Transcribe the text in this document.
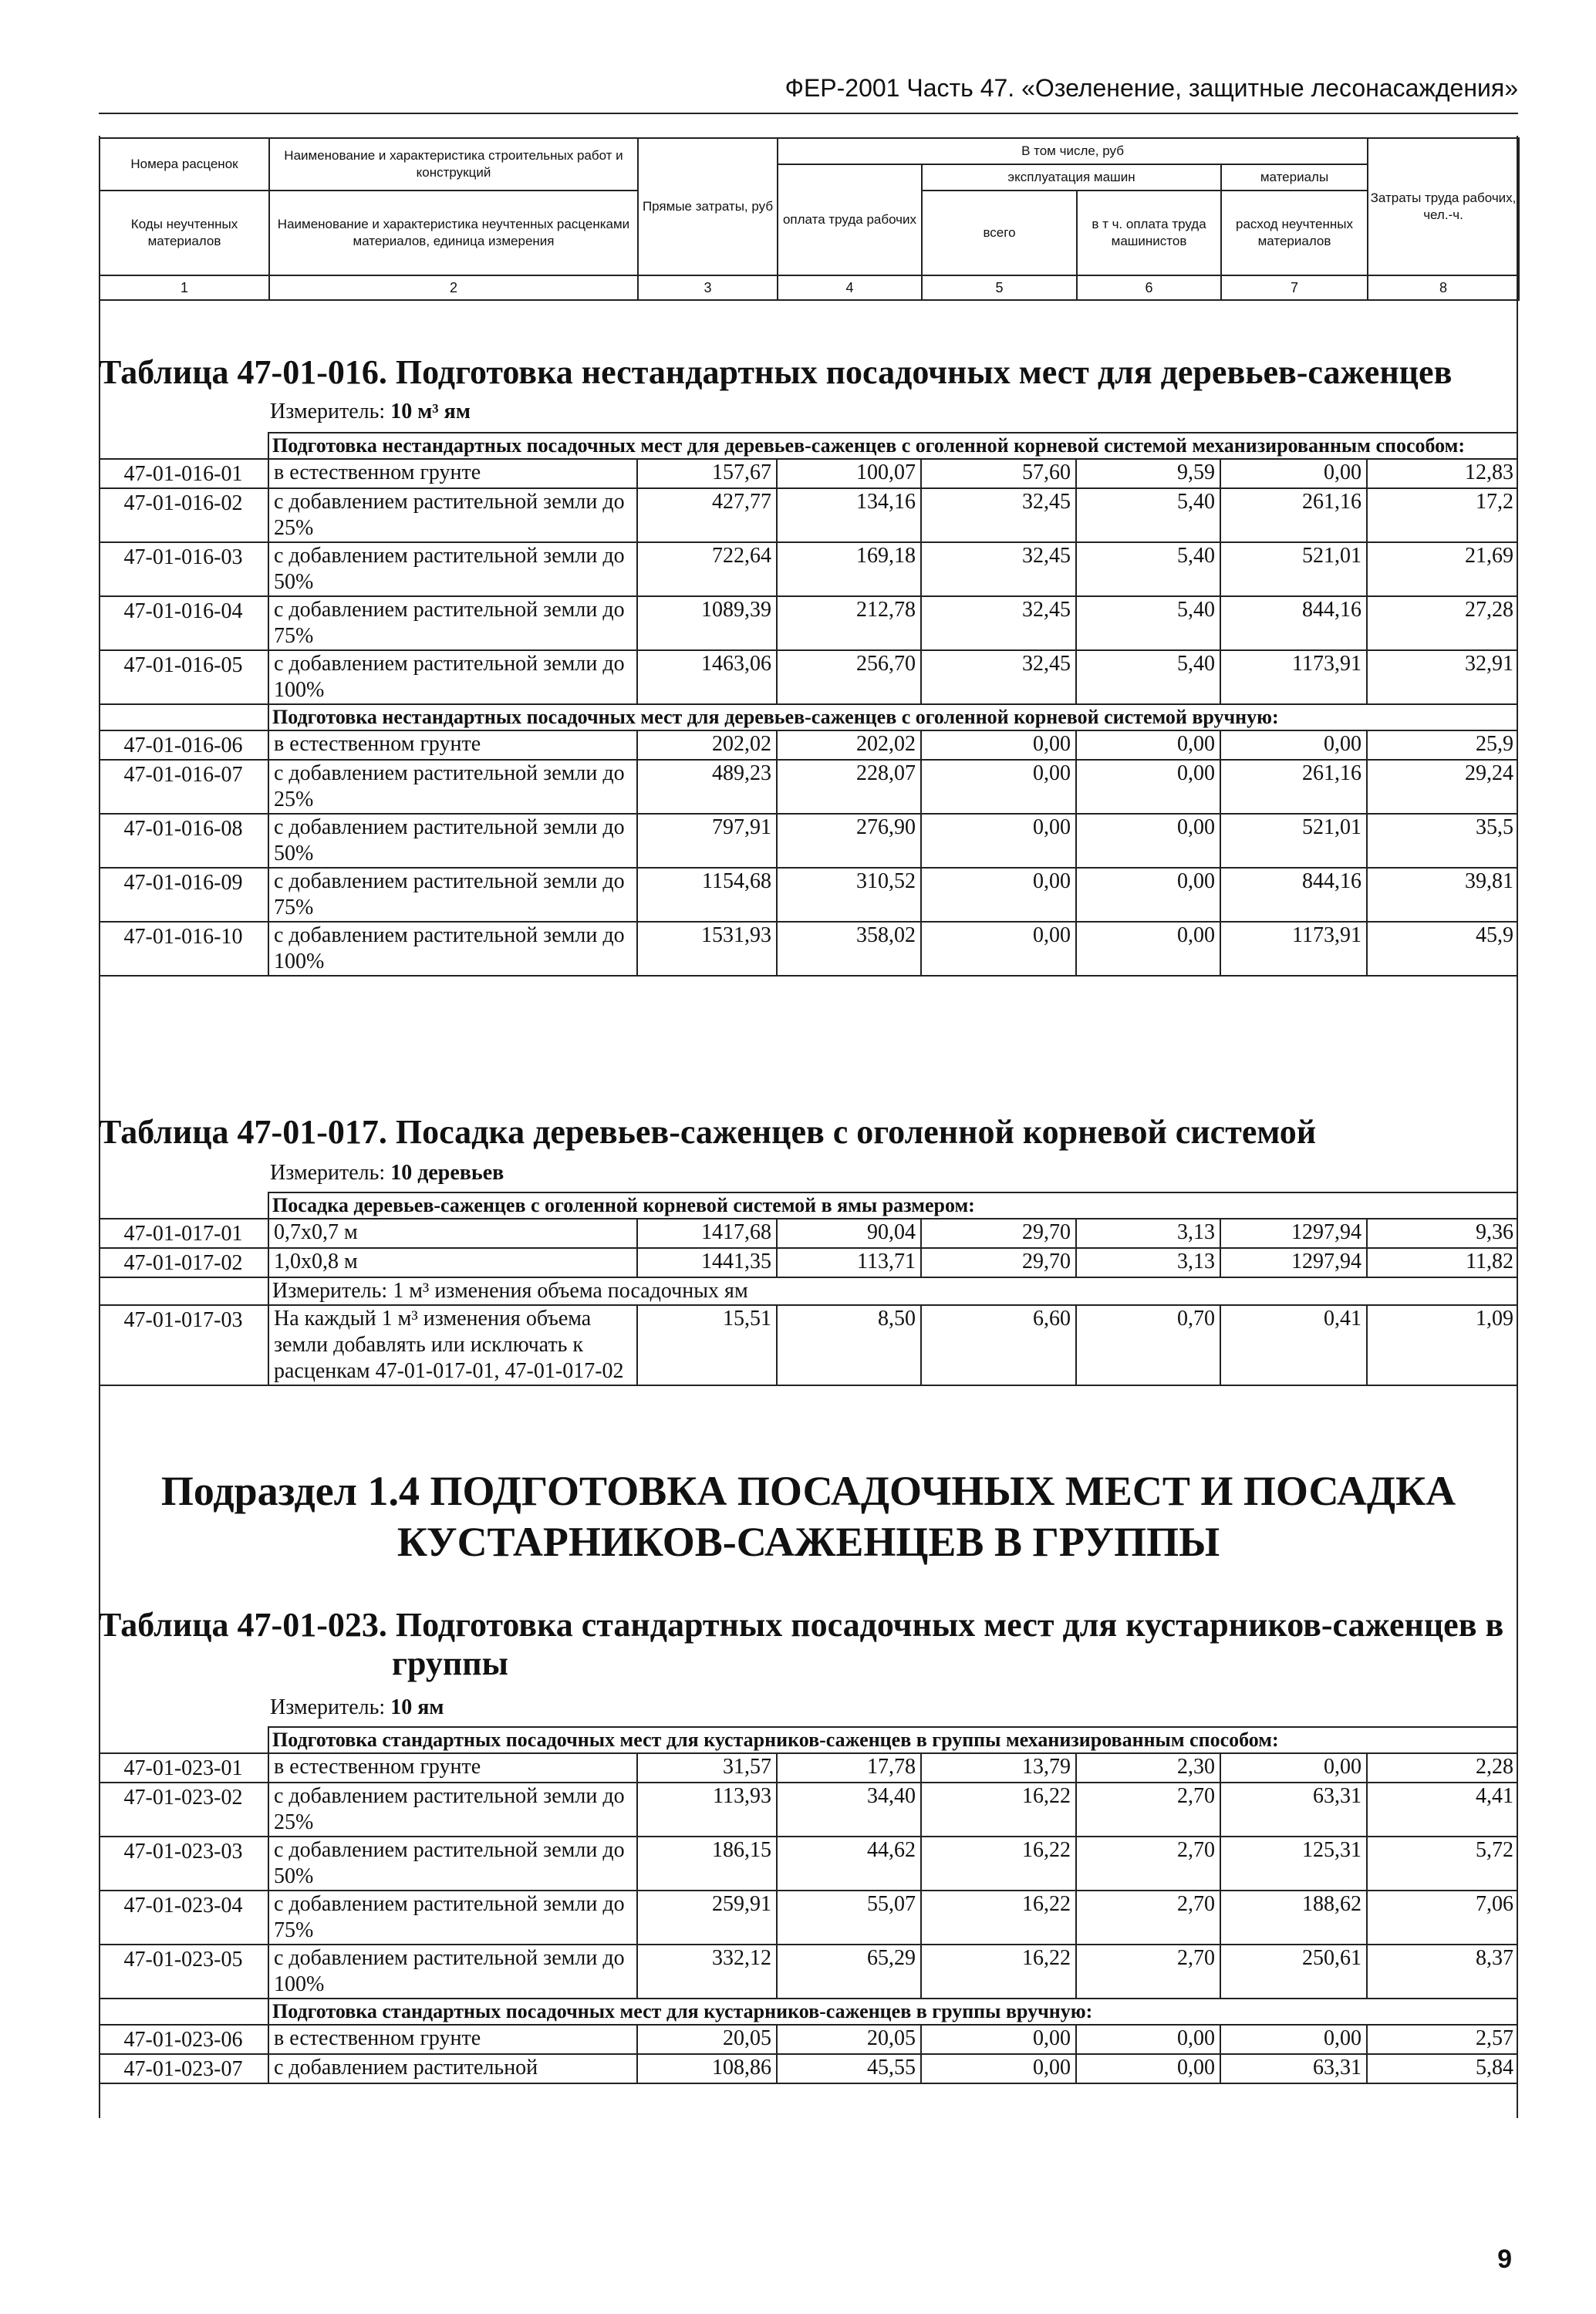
ФЕР-2001 Часть 47. «Озеленение, защитные лесонасаждения»
Номера расценок	Наименование и характеристика строительных работ и конструкций	Прямые затраты, руб	В том числе, руб				Затраты труда рабочих, чел.-ч.
			оплата труда рабочих	эксплуатация машин		материалы	
Коды неучтенных материалов	Наименование и характеристика неучтенных расценками материалов, единица измерения			всего	в т ч. оплата труда машинистов	расход неучтенных материалов	

1	2	3	4	5	6	7	8
Таблица 47-01-016. Подготовка нестандартных посадочных мест для деревьев-саженцев
Измеритель: 10 м³ ям
	Подготовка нестандартных посадочных мест для деревьев-саженцев с оголенной корневой системой механизированным способом:						
47-01-016-01	в естественном грунте	157,67	100,07	57,60	9,59	0,00	12,83
47-01-016-02	с добавлением растительной земли до 25%	427,77	134,16	32,45	5,40	261,16	17,2
47-01-016-03	с добавлением растительной земли до 50%	722,64	169,18	32,45	5,40	521,01	21,69
47-01-016-04	с добавлением растительной земли до 75%	1089,39	212,78	32,45	5,40	844,16	27,28
47-01-016-05	с добавлением растительной земли до 100%	1463,06	256,70	32,45	5,40	1173,91	32,91
	Подготовка нестандартных посадочных мест для деревьев-саженцев с оголенной корневой системой вручную:						
47-01-016-06	в естественном грунте	202,02	202,02	0,00	0,00	0,00	25,9
47-01-016-07	с добавлением растительной земли до 25%	489,23	228,07	0,00	0,00	261,16	29,24
47-01-016-08	с добавлением растительной земли до 50%	797,91	276,90	0,00	0,00	521,01	35,5
47-01-016-09	с добавлением растительной земли до 75%	1154,68	310,52	0,00	0,00	844,16	39,81
47-01-016-10	с добавлением растительной земли до 100%	1531,93	358,02	0,00	0,00	1173,91	45,9
Таблица 47-01-017. Посадка деревьев-саженцев с оголенной корневой системой
Измеритель: 10 деревьев
	Посадка деревьев-саженцев с оголенной корневой системой в ямы размером:						
47-01-017-01	0,7x0,7 м	1417,68	90,04	29,70	3,13	1297,94	9,36
47-01-017-02	1,0x0,8 м	1441,35	113,71	29,70	3,13	1297,94	11,82
	Измеритель: 1 м³ изменения объема посадочных ям						
47-01-017-03	На каждый 1 м³ изменения объема земли добавлять или исключать к расценкам 47-01-017-01, 47-01-017-02	15,51	8,50	6,60	0,70	0,41	1,09
Подраздел 1.4 ПОДГОТОВКА ПОСАДОЧНЫХ МЕСТ И ПОСАДКА
КУСТАРНИКОВ-САЖЕНЦЕВ В ГРУППЫ
Таблица 47-01-023. Подготовка стандартных посадочных мест для кустарников-саженцев в
группы
Измеритель: 10 ям
	Подготовка стандартных посадочных мест для кустарников-саженцев в группы механизированным способом:						
47-01-023-01	в естественном грунте	31,57	17,78	13,79	2,30	0,00	2,28
47-01-023-02	с добавлением растительной земли до 25%	113,93	34,40	16,22	2,70	63,31	4,41
47-01-023-03	с добавлением растительной земли до 50%	186,15	44,62	16,22	2,70	125,31	5,72
47-01-023-04	с добавлением растительной земли до 75%	259,91	55,07	16,22	2,70	188,62	7,06
47-01-023-05	с добавлением растительной земли до 100%	332,12	65,29	16,22	2,70	250,61	8,37
	Подготовка стандартных посадочных мест для кустарников-саженцев в группы вручную:						
47-01-023-06	в естественном грунте	20,05	20,05	0,00	0,00	0,00	2,57
47-01-023-07	с добавлением растительной	108,86	45,55	0,00	0,00	63,31	5,84
9
